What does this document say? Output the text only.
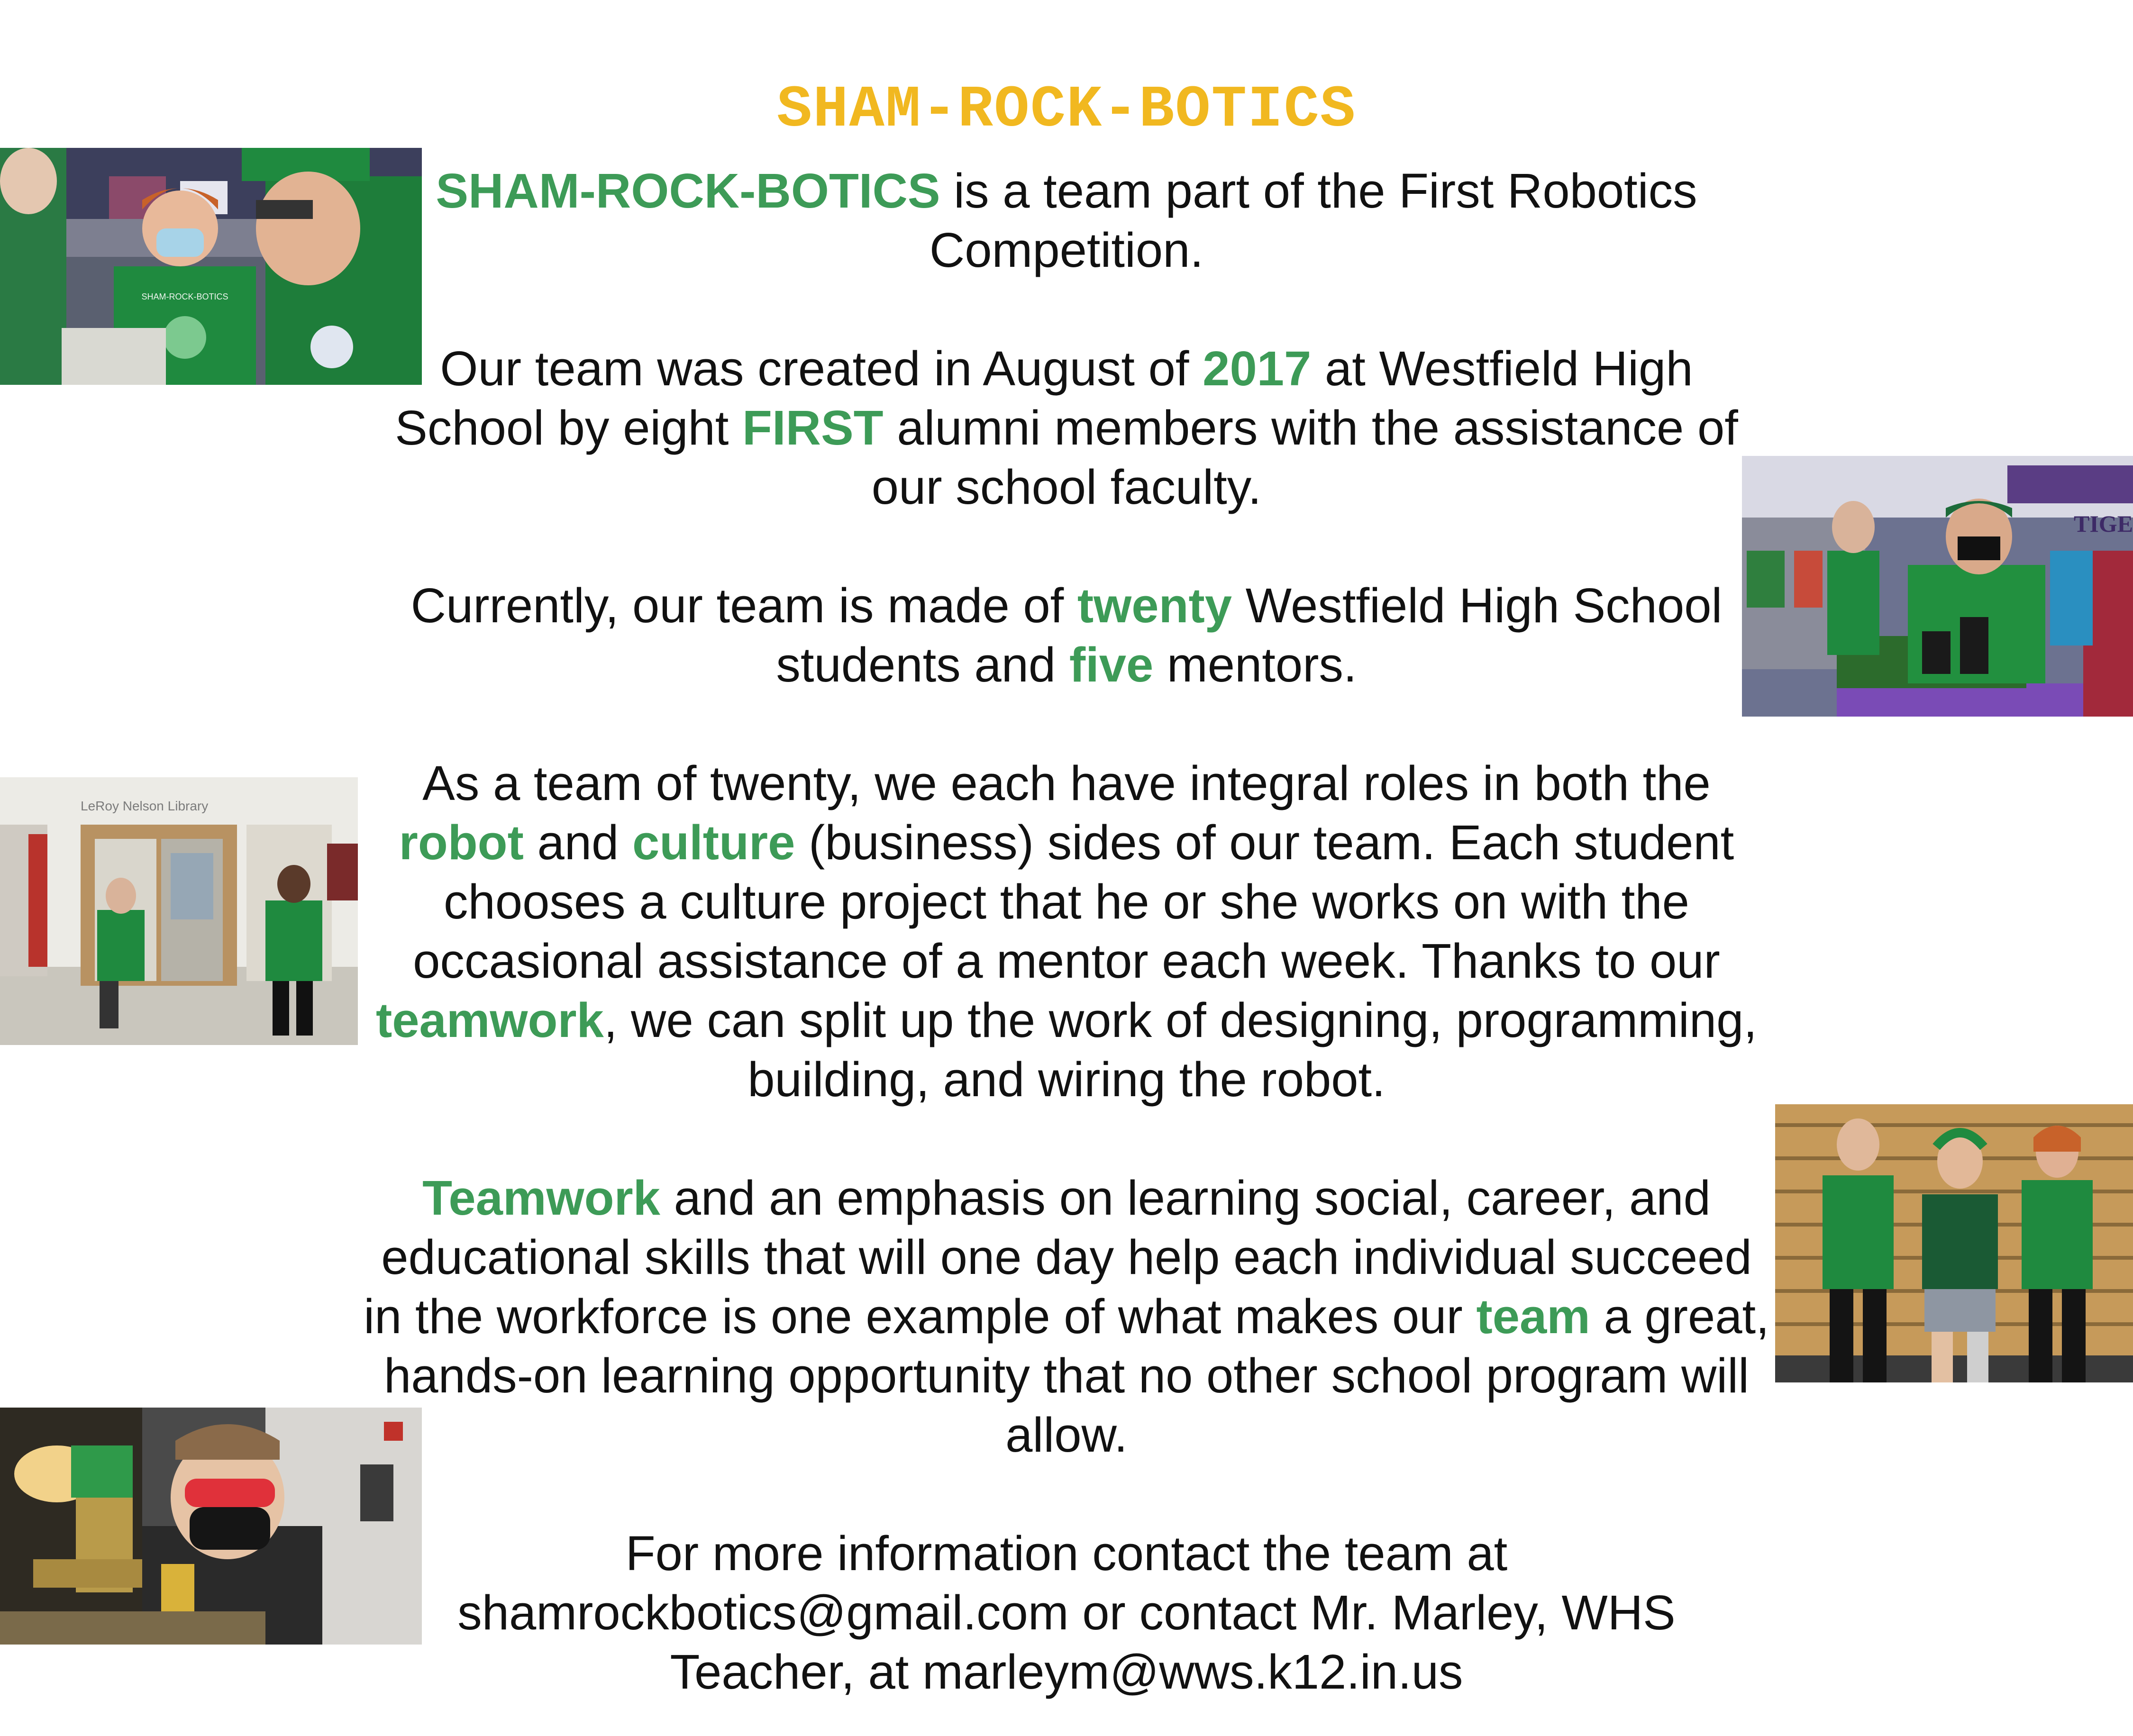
SHAM-ROCK-BOTICS

SHAM-ROCK-BOTICS is a team part of the First Robotics Competition.

Our team was created in August of 2017 at Westfield High School by eight FIRST alumni members with the assistance of our school faculty.

Currently, our team is made of twenty Westfield High School students and five mentors.

As a team of twenty, we each have integral roles in both the robot and culture (business) sides of our team. Each student chooses a culture project that he or she works on with the occasional assistance of a mentor each week. Thanks to our teamwork, we can split up the work of designing, programming, building, and wiring the robot.

Teamwork and an emphasis on learning social, career, and educational skills that will one day help each individual succeed in the workforce is one example of what makes our team a great, hands-on learning opportunity that no other school program will allow.

For more information contact the team at shamrockbotics@gmail.com or contact Mr. Marley, WHS Teacher, at marleym@wws.k12.in.us

SHAM-ROCK-BOTICS
TIGE
LeRoy Nelson Library
